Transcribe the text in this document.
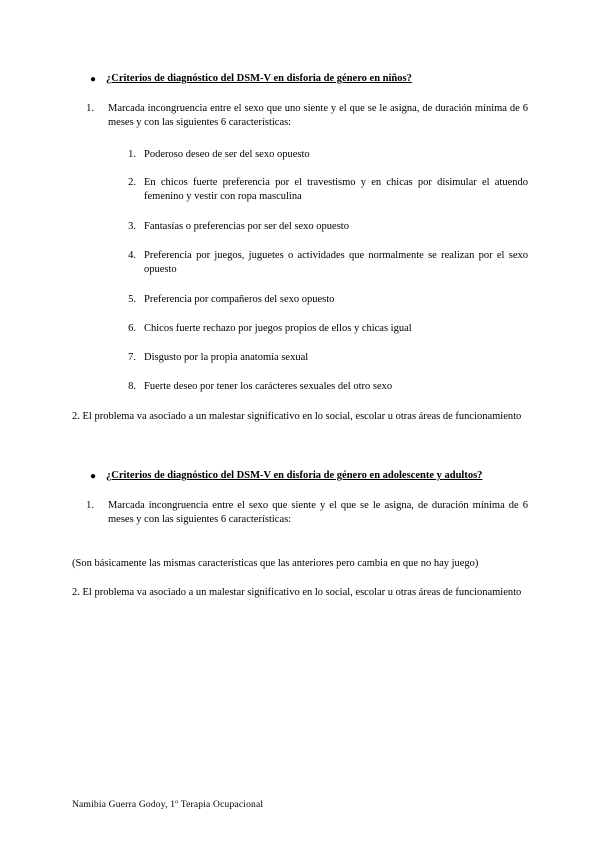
● ¿Criterios de diagnóstico del DSM-V en disforia de género en niños?
1. Marcada incongruencia entre el sexo que uno siente y el que se le asigna, de duración mínima de 6 meses y con las siguientes 6 características:
1. Poderoso deseo de ser del sexo opuesto
2. En chicos fuerte preferencia por el travestismo y en chicas por disimular el atuendo femenino y vestir con ropa masculina
3. Fantasías o preferencias por ser del sexo opuesto
4. Preferencia por juegos, juguetes o actividades que normalmente se realizan por el sexo opuesto
5. Preferencia por compañeros del sexo opuesto
6. Chicos fuerte rechazo por juegos propios de ellos y chicas igual
7. Disgusto por la propia anatomía sexual
8. Fuerte deseo por tener los carácteres sexuales del otro sexo
2. El problema va asociado a un malestar significativo en lo social, escolar u otras áreas de funcionamiento
● ¿Criterios de diagnóstico del DSM-V en disforia de género en adolescente y adultos?
1. Marcada incongruencia entre el sexo que siente y el que se le asigna, de duración mínima de 6 meses y con las siguientes 6 características:
(Son básicamente las mismas características que las anteriores pero cambia en que no hay juego)
2. El problema va asociado a un malestar significativo en lo social, escolar u otras áreas de funcionamiento
Namibia Guerra Godoy, 1º Terapia Ocupacional
